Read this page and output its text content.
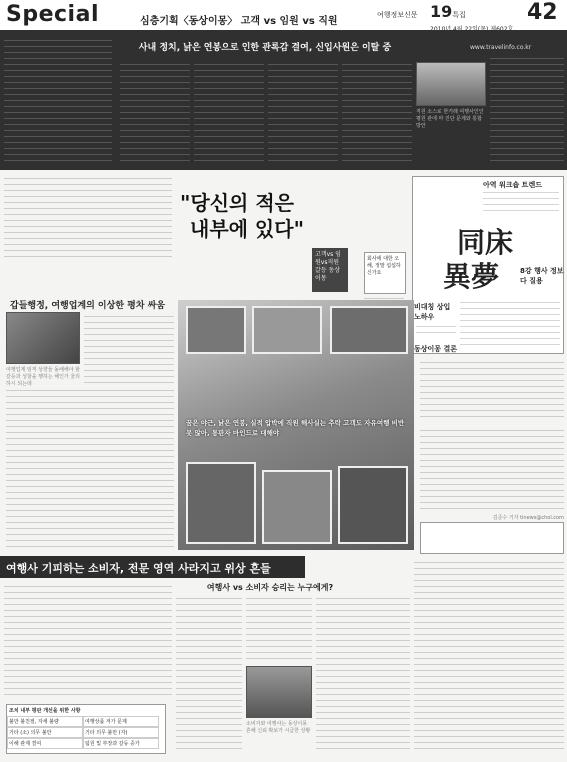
Special	심층기획〈동상이몽〉 고객 vs 임원 vs 직원
여행정보신문 19특집	42
www.travelinfo.co.kr
사내 정치, 낡은 연봉으로 인한 관록감 결여, 신입사원은 이탈 중
직원 소스로 한거래 여행사인인 평원 관에 마 진단 문제와 통합 방안
"당신의 적은
내부에 있다"
고객vs 임원vs직원 갈등 동상이몽
회사에 대한 오해, 정말 섭섭하신가요
아역 워크숍 트렌드
同床
異夢	8강 행사 정보다 질용
비대칭 상입 노하우
동상이몽 결론
갑들행정, 여행업계의 이상한 평차 싸움
여행업계 임직 상향들 돌배해야 할 갈등과 성찰을 행하는 해인가 울리하시 되는데
꿈은 야근, 낡은 연봉, 실적 압박에 직원 해사실는 추락 고객도 자유여행 비반 못 않아, 통판자 마인드로 대해야
김준수 기자 tinews@chol.com
여행사 기피하는 소비자, 전문 영역 사라지고 위상 흔들
조치 내부 평판 개선을 위한 사항
불만 불친절, 자세 불량	여행상품 저가 문제
기타 (소) 의무 불만	기타 의무 불만 (자)
이해 관계 결여	팀원 및 부장과 갈등 증가
여행사 vs 소비자 승리는 누구에게?
소비자와 여행사는 동상이몽 흔해 신뢰 확보가 시급한 상황
